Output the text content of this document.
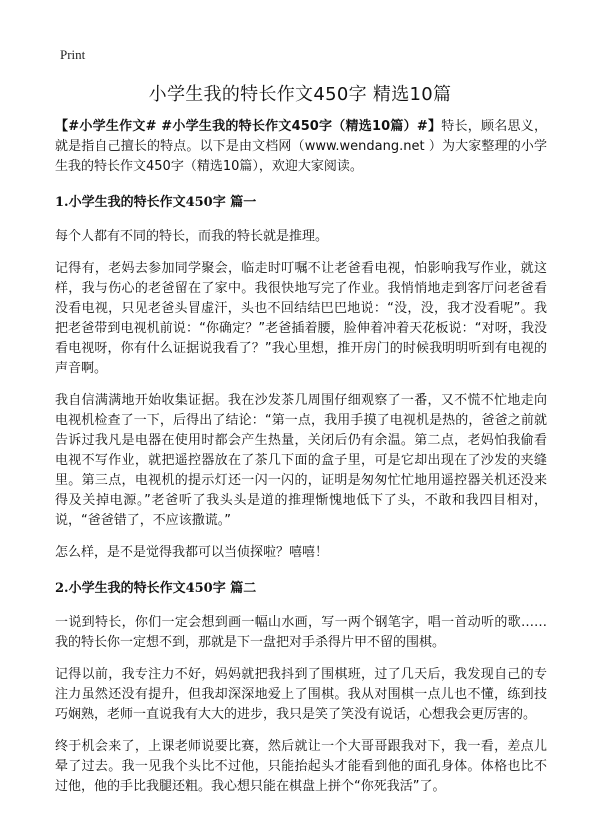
Print
小学生我的特长作文450字 精选10篇

【#小学生作文# #小学生我的特长作文450字（精选10篇）#】特长，顾名思义，就是指自己擅长的特点。以下是由文档网（www.wendang.net ）为大家整理的小学生我的特长作文450字（精选10篇），欢迎大家阅读。

1.小学生我的特长作文450字 篇一

每个人都有不同的特长，而我的特长就是推理。

记得有，老妈去参加同学聚会，临走时叮嘱不让老爸看电视，怕影响我写作业，就这样，我与伤心的老爸留在了家中。我很快地写完了作业。我悄悄地走到客厅问老爸看没看电视，只见老爸头冒虚汗，头也不回结结巴巴地说：“没，没，我才没看呢”。我把老爸带到电视机前说：“你确定？”老爸插着腰，脸伸着冲着天花板说：“对呀，我没看电视呀，你有什么证据说我看了？”我心里想，推开房门的时候我明明听到有电视的声音啊。

我自信满满地开始收集证据。我在沙发茶几周围仔细观察了一番，又不慌不忙地走向电视机检查了一下，后得出了结论：“第一点，我用手摸了电视机是热的，爸爸之前就告诉过我凡是电器在使用时都会产生热量，关闭后仍有余温。第二点，老妈怕我偷看电视不写作业，就把遥控器放在了茶几下面的盒子里，可是它却出现在了沙发的夹缝里。第三点，电视机的提示灯还一闪一闪的，证明是匆匆忙忙地用遥控器关机还没来得及关掉电源。”老爸听了我头头是道的推理惭愧地低下了头，不敢和我四目相对，说，“爸爸错了，不应该撒谎。”

怎么样，是不是觉得我都可以当侦探啦？嘻嘻！

2.小学生我的特长作文450字 篇二

一说到特长，你们一定会想到画一幅山水画，写一两个钢笔字，唱一首动听的歌……我的特长你一定想不到，那就是下一盘把对手杀得片甲不留的围棋。

记得以前，我专注力不好，妈妈就把我抖到了围棋班，过了几天后，我发现自己的专注力虽然还没有提升，但我却深深地爱上了围棋。我从对围棋一点儿也不懂，练到技巧娴熟，老师一直说我有大大的进步，我只是笑了笑没有说话，心想我会更厉害的。

终于机会来了，上课老师说要比赛，然后就让一个大哥哥跟我对下，我一看，差点儿晕了过去。我一见我个头比不过他，只能抬起头才能看到他的面孔身体。体格也比不过他，他的手比我腿还粗。我心想只能在棋盘上拼个“你死我活”了。
